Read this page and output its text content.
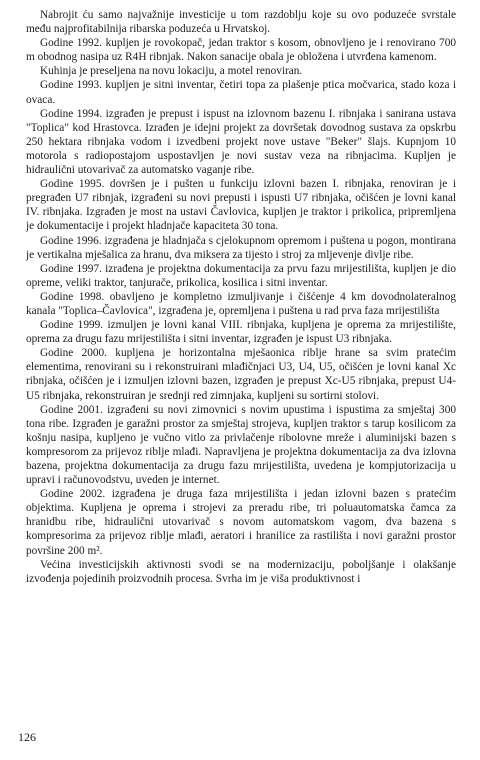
Nabrojit ću samo najvažnije investicije u tom razdoblju koje su ovo poduzeće svrstale među najprofitabilnija ribarska poduzeća u Hrvatskoj.

Godine 1992. kupljen je rovokopač, jedan traktor s kosom, obnovljeno je i renovirano 700 m obodnog nasipa uz R4H ribnjak. Nakon sanacije obala je obložena i utvrđena kamenom.

Kuhinja je preseljena na novu lokaciju, a motel renoviran.

Godine 1993. kupljen je sitni inventar, četiri topa za plašenje ptica močvarica, stado koza i ovaca.

Godine 1994. izgrađen je prepust i ispust na izlovnom bazenu I. ribnjaka i sanirana ustava "Toplica" kod Hrastovca. Izrađen je idejni projekt za dovršetak dovodnog sustava za opskrbu 250 hektara ribnjaka vodom i izvedbeni projekt nove ustave "Beker" šlajs. Kupnjom 10 motorola s radiopostajom uspostavljen je novi sustav veza na ribnjacima. Kupljen je hidraulični utovarivač za automatsko vaganje ribe.

Godine 1995. dovršen je i pušten u funkciju izlovni bazen I. ribnjaka, renoviran je i pregrađen U7 ribnjak, izgrađeni su novi prepusti i ispusti U7 ribnjaka, očišćen je lovni kanal IV. ribnjaka. Izgrađen je most na ustavi Čavlovica, kupljen je traktor i prikolica, pripremljena je dokumentacije i projekt hladnjače kapaciteta 30 tona.

Godine 1996. izgrađena je hladnjača s cjelokupnom opremom i puštena u pogon, montirana je vertikalna mješalica za hranu, dva miksera za tijesto i stroj za mljevenje divlje ribe.

Godine 1997. izrađena je projektna dokumentacija za prvu fazu mrijestilišta, kupljen je dio opreme, veliki traktor, tanjurače, prikolica, kosilica i sitni inventar.

Godine 1998. obavljeno je kompletno izmuljivanje i čišćenje 4 km dovodnolateralnog kanala "Toplica–Čavlovica", izgrađena je, opremljena i puštena u rad prva faza mrijestilišta

Godine 1999. izmuljen je lovni kanal VIII. ribnjaka, kupljena je oprema za mrijestilište, oprema za drugu fazu mrijestilišta i sitni inventar, izgrađen je ispust U3 ribnjaka.

Godine 2000. kupljena je horizontalna mješaonica riblje hrane sa svim pratećim elementima, renovirani su i rekonstruirani mlađičnjaci U3, U4, U5, očišćen je lovni kanal Xc ribnjaka, očišćen je i izmuljen izlovni bazen, izgrađen je prepust Xc-U5 ribnjaka, prepust U4-U5 ribnjaka, rekonstruiran je srednji red zimnjaka, kupljeni su sortirni stolovi.

Godine 2001. izgrađeni su novi zimovnici s novim upustima i ispustima za smještaj 300 tona ribe. Izgrađen je garažni prostor za smještaj strojeva, kupljen traktor s tarup kosilicom za košnju nasipa, kupljeno je vučno vitlo za privlačenje ribolovne mreže i aluminijski bazen s kompresorom za prijevoz riblje mlađi. Napravljena je projektna dokumentacija za dva izlovna bazena, projektna dokumentacija za drugu fazu mrijestilišta, uvedena je kompjutorizacija u upravi i računovodstvu, uveden je internet.

Godine 2002. izgrađena je druga faza mrijestilišta i jedan izlovni bazen s pratećim objektima. Kupljena je oprema i strojevi za preradu ribe, tri poluautomatska čamca za hranidbu ribe, hidraulični utovarivač s novom automatskom vagom, dva bazena s kompresorima za prijevoz riblje mlađi, aeratori i hranilice za rastilišta i novi garažni prostor površine 200 m².

Većina investicijskih aktivnosti svodi se na modernizaciju, poboljšanje i olakšanje izvođenja pojedinih proizvodnih procesa. Svrha im je viša produktivnost i

126
